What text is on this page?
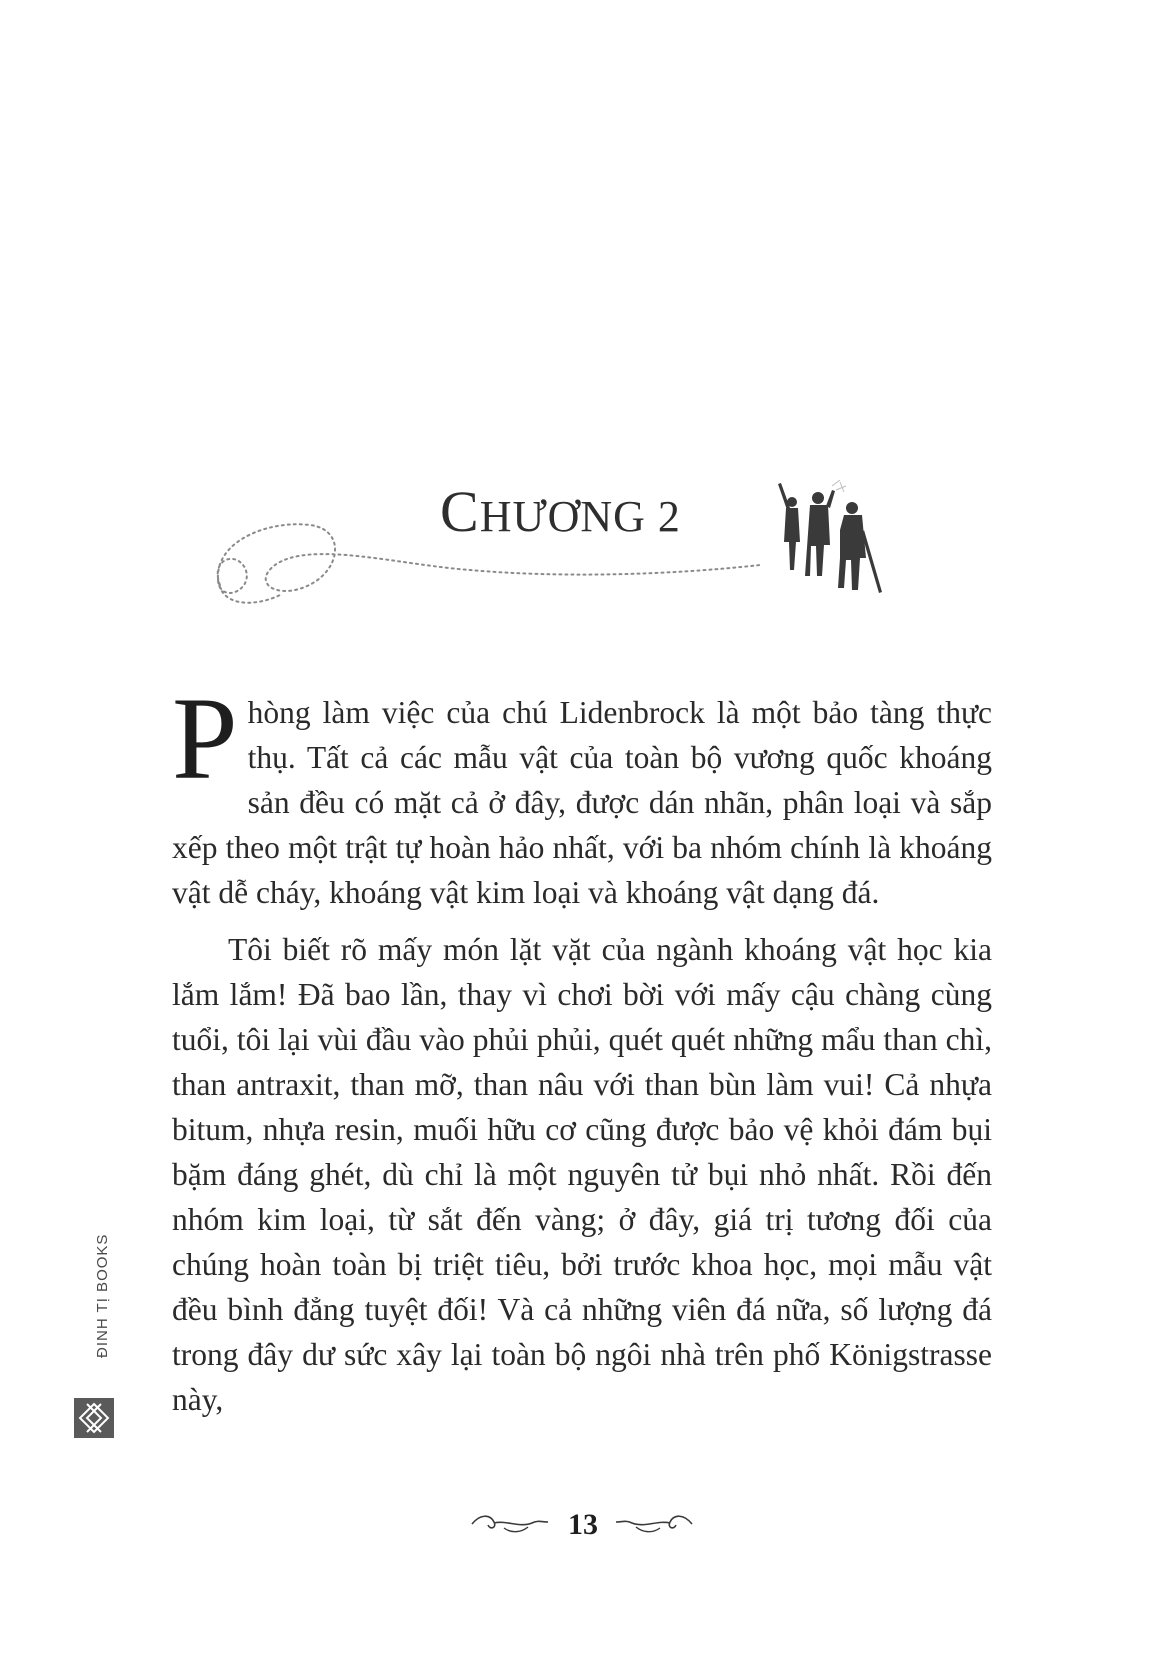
CHƯƠNG 2

Phòng làm việc của chú Lidenbrock là một bảo tàng thực thụ. Tất cả các mẫu vật của toàn bộ vương quốc khoáng sản đều có mặt cả ở đây, được dán nhãn, phân loại và sắp xếp theo một trật tự hoàn hảo nhất, với ba nhóm chính là khoáng vật dễ cháy, khoáng vật kim loại và khoáng vật dạng đá.

Tôi biết rõ mấy món lặt vặt của ngành khoáng vật học kia lắm lắm! Đã bao lần, thay vì chơi bời với mấy cậu chàng cùng tuổi, tôi lại vùi đầu vào phủi phủi, quét quét những mẩu than chì, than antraxit, than mỡ, than nâu với than bùn làm vui! Cả nhựa bitum, nhựa resin, muối hữu cơ cũng được bảo vệ khỏi đám bụi bặm đáng ghét, dù chỉ là một nguyên tử bụi nhỏ nhất. Rồi đến nhóm kim loại, từ sắt đến vàng; ở đây, giá trị tương đối của chúng hoàn toàn bị triệt tiêu, bởi trước khoa học, mọi mẫu vật đều bình đẳng tuyệt đối! Và cả những viên đá nữa, số lượng đá trong đây dư sức xây lại toàn bộ ngôi nhà trên phố Königstrasse này,

ĐINH TỊ BOOKS
13
